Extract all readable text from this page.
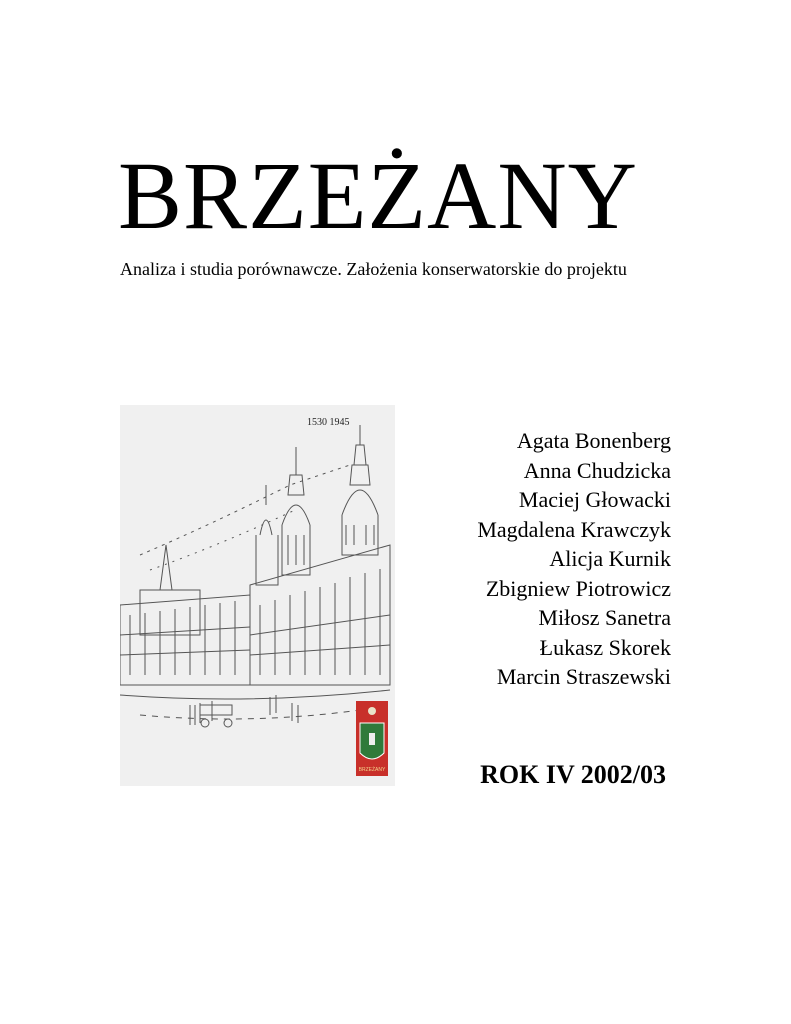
BRZEŻANY
Analiza i studia porównawcze. Założenia konserwatorskie do projektu
1530 1945
BRZEŻANY
Agata Bonenberg
Anna Chudzicka
Maciej Głowacki
Magdalena Krawczyk
Alicja Kurnik
Zbigniew Piotrowicz
Miłosz Sanetra
Łukasz Skorek
Marcin Straszewski
ROK IV 2002/03
